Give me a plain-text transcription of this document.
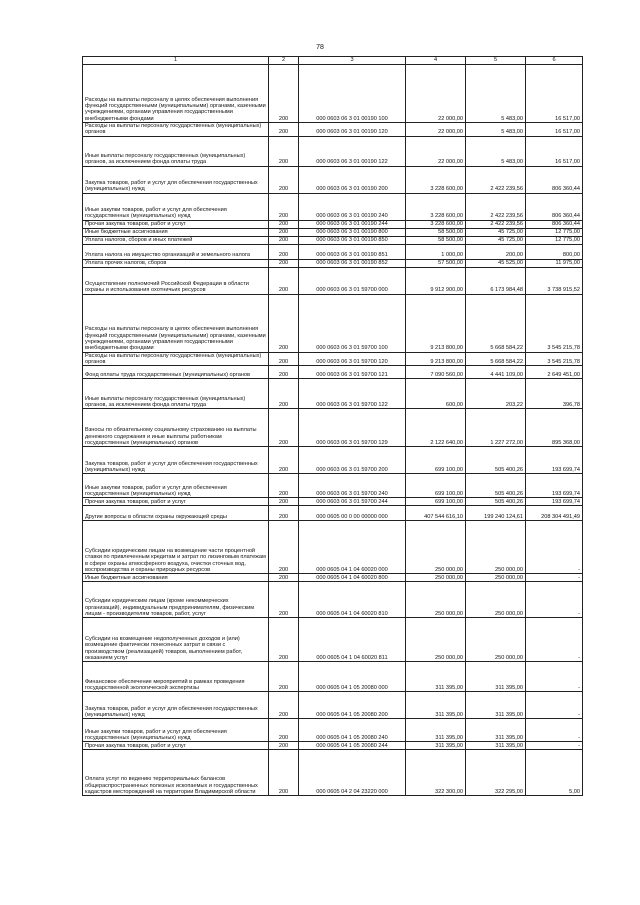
78
1	2	3	4	5	6
Расходы на выплаты персоналу в целях обеспечения выполнения функций государственными (муниципальными) органами, казенными учреждениями, органами управления государственными внебюджетными фондами	200	000 0603 06 3 01 00190 100	22 000,00	5 483,00	16 517,00
Расходы на выплаты персоналу государственных (муниципальных) органов	200	000 0603 06 3 01 00190 120	22 000,00	5 483,00	16 517,00
Иные выплаты персоналу государственных (муниципальных) органов, за исключением фонда оплаты труда	200	000 0603 06 3 01 00190 122	22 000,00	5 483,00	16 517,00
Закупка товаров, работ и услуг для обеспечения государственных (муниципальных) нужд	200	000 0603 06 3 01 00190 200	3 228 600,00	2 422 239,56	806 360,44
Иные закупки товаров, работ и услуг для обеспечения государственных (муниципальных) нужд	200	000 0603 06 3 01 00190 240	3 228 600,00	2 422 239,56	806 360,44
Прочая закупка товаров, работ и услуг	200	000 0603 06 3 01 00190 244	3 228 600,00	2 422 239,56	806 360,44
Иные бюджетные ассигнования	200	000 0603 06 3 01 00190 800	58 500,00	45 725,00	12 775,00
Уплата налогов, сборов и иных платежей	200	000 0603 06 3 01 00190 850	58 500,00	45 725,00	12 775,00
Уплата налога на имущество организаций и земельного налога	200	000 0603 06 3 01 00190 851	1 000,00	200,00	800,00
Уплата прочих налогов, сборов	200	000 0603 06 3 01 00190 852	57 500,00	45 525,00	11 975,00
Осуществление полномочий Российской Федерации в области охраны и использования охотничьих ресурсов	200	000 0603 06 3 01 59700 000	9 912 900,00	6 173 984,48	3 738 915,52
Расходы на выплаты персоналу в целях обеспечения выполнения функций государственными (муниципальными) органами, казенными учреждениями, органами управления государственными внебюджетными фондами	200	000 0603 06 3 01 59700 100	9 213 800,00	5 668 584,22	3 545 215,78
Расходы на выплаты персоналу государственных (муниципальных) органов	200	000 0603 06 3 01 59700 120	9 213 800,00	5 668 584,22	3 545 215,78
Фонд оплаты труда государственных (муниципальных) органов	200	000 0603 06 3 01 59700 121	7 090 560,00	4 441 109,00	2 649 451,00
Иные выплаты персоналу государственных (муниципальных) органов, за исключением фонда оплаты труда	200	000 0603 06 3 01 59700 122	600,00	203,22	396,78
Взносы по обязательному социальному страхованию на выплаты денежного содержания и иные выплаты работникам государственных (муниципальных) органов	200	000 0603 06 3 01 59700 129	2 122 640,00	1 227 272,00	895 368,00
Закупка товаров, работ и услуг для обеспечения государственных (муниципальных) нужд	200	000 0603 06 3 01 59700 200	699 100,00	505 400,26	193 699,74
Иные закупки товаров, работ и услуг для обеспечения государственных (муниципальных) нужд	200	000 0603 06 3 01 59700 240	699 100,00	505 400,26	193 699,74
Прочая закупка товаров, работ и услуг	200	000 0603 06 3 01 59700 244	699 100,00	505 400,26	193 699,74
Другие вопросы в области охраны окружающей среды	200	000 0605 00 0 00 00000 000	407 544 616,10	199 240 124,61	208 304 491,49
Субсидии юридическим лицам на возмещение части процентной ставки по привлеченным кредитам и затрат по лизинговым платежам в сфере охраны атмосферного воздуха, очистки сточных вод, воспроизводства и охраны природных ресурсов	200	000 0605 04 1 04 60020 000	250 000,00	250 000,00	-
Иные бюджетные ассигнования	200	000 0605 04 1 04 60020 800	250 000,00	250 000,00	-
Субсидии юридическим лицам (кроме некоммерческих организаций), индивидуальным предпринимателям, физическим лицам - производителям товаров, работ, услуг	200	000 0605 04 1 04 60020 810	250 000,00	250 000,00	-
Субсидии на возмещение недополученных доходов и (или) возмещение фактически понесенных затрат в связи с производством (реализацией) товаров, выполнением работ, оказанием услуг	200	000 0605 04 1 04 60020 811	250 000,00	250 000,00	-
Финансовое обеспечение мероприятий в рамках проведения государственной экологической экспертизы	200	000 0605 04 1 05 20080 000	311 395,00	311 395,00	-
Закупка товаров, работ и услуг для обеспечения государственных (муниципальных) нужд	200	000 0605 04 1 05 20080 200	311 395,00	311 395,00	-
Иные закупки товаров, работ и услуг для обеспечения государственных (муниципальных) нужд	200	000 0605 04 1 05 20080 240	311 395,00	311 395,00	-
Прочая закупка товаров, работ и услуг	200	000 0605 04 1 05 20080 244	311 395,00	311 395,00	-
Оплата услуг по ведению территориальных балансов общераспространенных полезных ископаемых и государственных кадастров месторождений на территории Владимирской области	200	000 0605 04 2 04 23220 000	322 300,00	322 295,00	5,00
